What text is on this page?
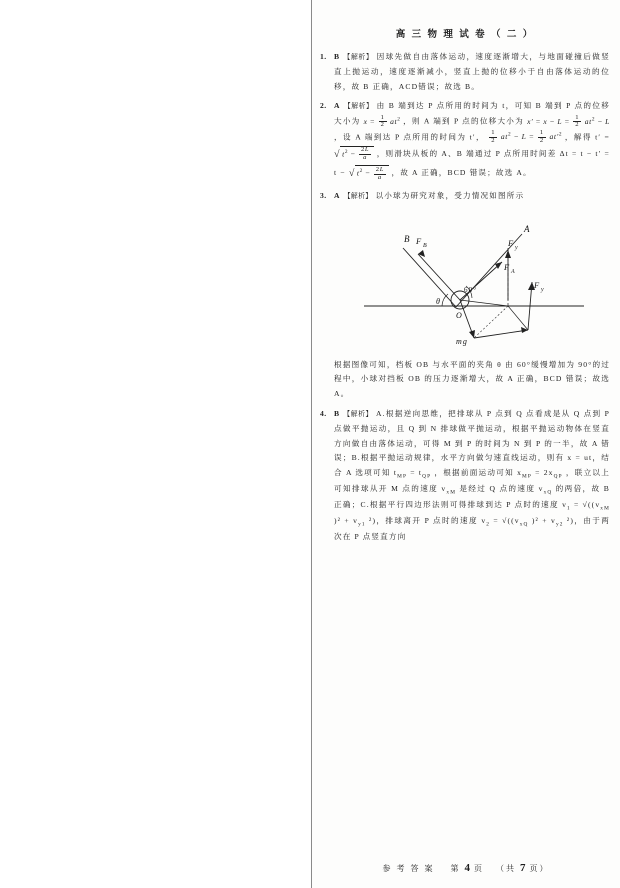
高 三 物 理 试 卷 （ 二 ）
1. B 【解析】 因球先做自由落体运动，速度逐渐增大，与地面碰撞后做竖直上抛运动，速度逐渐减小，竖直上抛的位移小于自由落体运动的位移，故 B 正确，ACD错误；故选 B。
2. A 【解析】 由 B 端到达 P 点所用的时间为 t，可知 B 端到 P 点的位移大小为 $x = \frac{1}{2} at^2$ ，则 A 端到 P 点的位移大小为 $x' = x - L = \frac{1}{2} at^2 - L$ ，设 A 端到达 P 点所用的时间为 t′， $\frac{1}{2} at^2 - L = \frac{1}{2} at'^2$ ，解得 t′ = √ $t^2 - \frac{2L}{a}$ ，则滑块从板的 A、B 端通过 P 点所用时间差 Δt = t − t′ = t − √ $t^2 - \frac{2L}{a}$ ，故 A 正确，BCD 错误；故选 A。
3. A 【解析】 以小球为研究对象，受力情况如图所示
B F B
A
F y
F A
F y
θ
60°
O
mg
根据图像可知，档板 OB 与水平面的夹角 θ 由 60°缓慢增加为 90°的过程中，小球对挡板 OB 的压力逐渐增大，故 A 正确，BCD 错误；故选 A。
4. B 【解析】 A.根据逆向思维，把排球从 P 点到 Q 点看成是从 Q 点到 P 点做平抛运动，且 Q 到 N 排球做平抛运动，根据平抛运动物体在竖直方向做自由落体运动，可得 M 到 P 的时间为 N 到 P 的一半，故 A 错误；B.根据平抛运动规律，水平方向做匀速直线运动，则有 x = ut，结合 A 选项可知 $t_{MP} = t_{QP}$ ，根据前面运动可知 $x_{MP} = 2x_{QP}$ ，联立以上可知排球从开 M 点的速度 $v_{xM}$ 是经过 Q 点的速度 $v_{xQ}$ 的两倍，故 B 正确；C.根据平行四边形法则可得排球到达 P 点时的速度 $v_1 = √((v_{xM}$ )$^2 + v_{y1}$ ²)，排球离开 P 点时的速度 $v_2 = √((v_{xQ}$ )$^2 + v_{y2}$ ²)，由于两次在 P 点竖直方向
参 考 答 案 第 4 页 （共 7 页）
